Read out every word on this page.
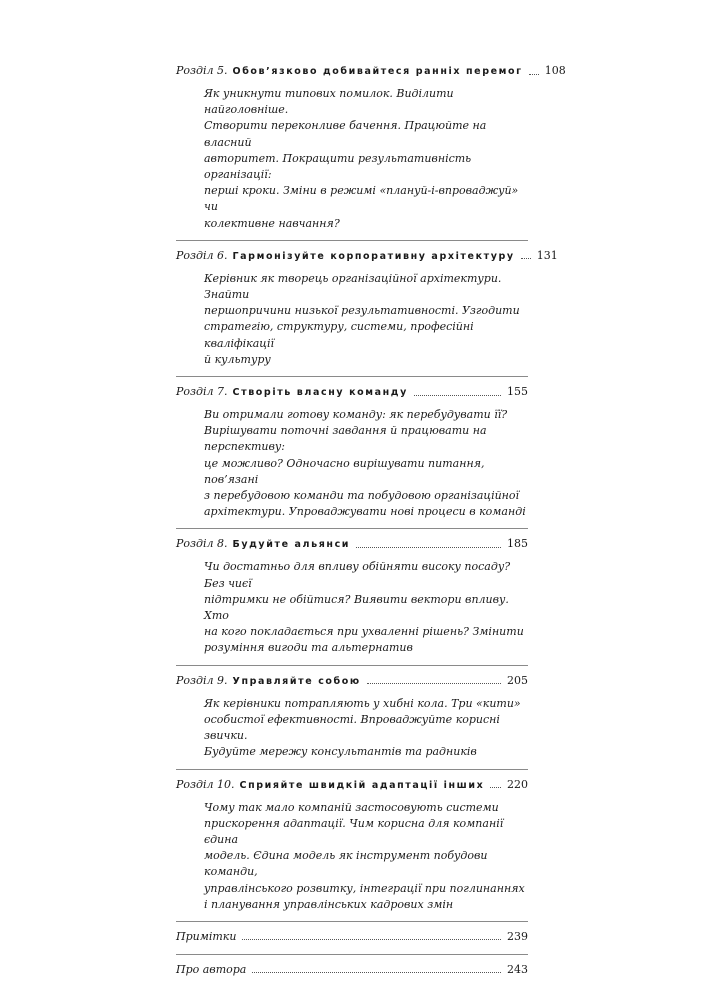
Розділ 5. Обов’язково добивайтеся ранніх перемог 108
Як уникнути типових помилок. Виділити найголовніше.
Створити переконливе бачення. Працюйте на власний
авторитет. Покращити результативність організації:
перші кроки. Зміни в режимі «плануй-і-впроваджуй» чи
колективне навчання?
Розділ 6. Гармонізуйте корпоративну архітектуру 131
Керівник як творець організаційної архітектури. Знайти
першопричини низької результативності. Узгодити
стратегію, структуру, системи, професійні кваліфікації
й культуру
Розділ 7. Створіть власну команду	155
Ви отримали готову команду: як перебудувати її?
Вирішувати поточні завдання й працювати на перспективу:
це можливо? Одночасно вирішувати питання, пов’язані
з перебудовою команди та побудовою організаційної
архітектури. Упроваджувати нові процеси в команді
Розділ 8. Будуйте альянси	185
Чи достатньо для впливу обійняти високу посаду? Без чиєї
підтримки не обійтися? Виявити вектори впливу. Хто
на кого покладається при ухваленні рішень? Змінити
розуміння вигоди та альтернатив
Розділ 9. Управляйте собою	205
Як керівники потрапляють у хибні кола. Три «кити»
особистої ефективності. Впроваджуйте корисні звички.
Будуйте мережу консультантів та радників
Розділ 10. Сприяйте швидкій адаптації інших 220
Чому так мало компаній застосовують системи
прискорення адаптації. Чим корисна для компанії єдина
модель. Єдина модель як інструмент побудови команди,
управлінського розвитку, інтеграції при поглинаннях
і планування управлінських кадрових змін
Примітки	239
Про автора	243
